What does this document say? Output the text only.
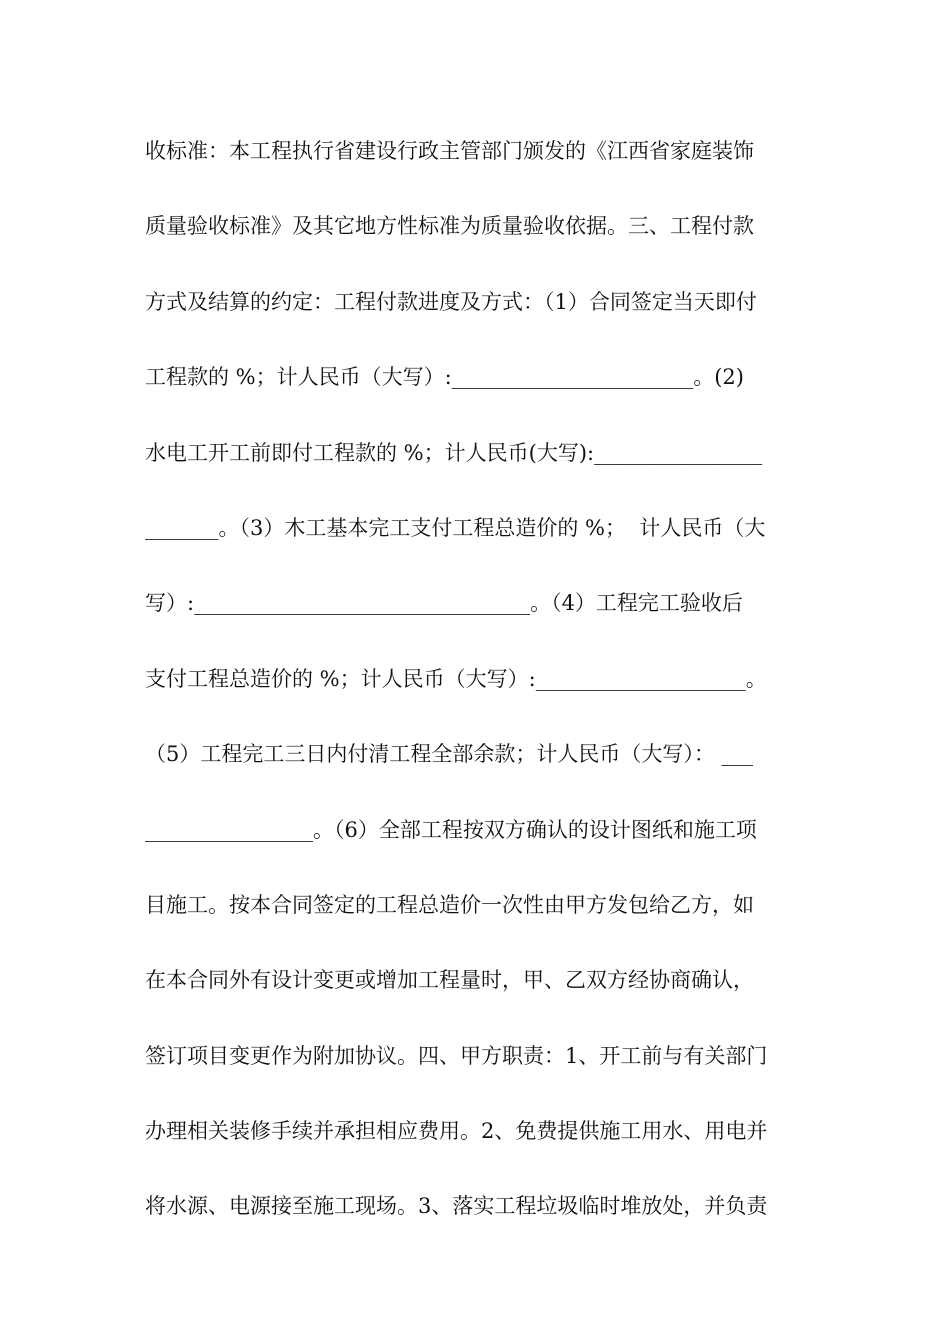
收标准：本工程执行省建设行政主管部门颁发的《江西省家庭装饰
质量验收标准》及其它地方性标准为质量验收依据。三、工程付款
方式及结算的约定：工程付款进度及方式：（1）合同签定当天即付
工程款的 %；计人民币（大写）:_______________________。(2)
水电工开工前即付工程款的 %；计人民币(大写):________________
_______。（3）木工基本完工支付工程总造价的 %；  计人民币（大
写）:________________________________。（4）工程完工验收后
支付工程总造价的 %；计人民币（大写）:____________________。
（5）工程完工三日内付清工程全部余款；计人民币（大写）： ___
________________。（6）全部工程按双方确认的设计图纸和施工项
目施工。按本合同签定的工程总造价一次性由甲方发包给乙方，如
在本合同外有设计变更或增加工程量时，甲、乙双方经协商确认，
签订项目变更作为附加协议。四、甲方职责：1、开工前与有关部门
办理相关装修手续并承担相应费用。2、免费提供施工用水、用电并
将水源、电源接至施工现场。3、落实工程垃圾临时堆放处，并负责
